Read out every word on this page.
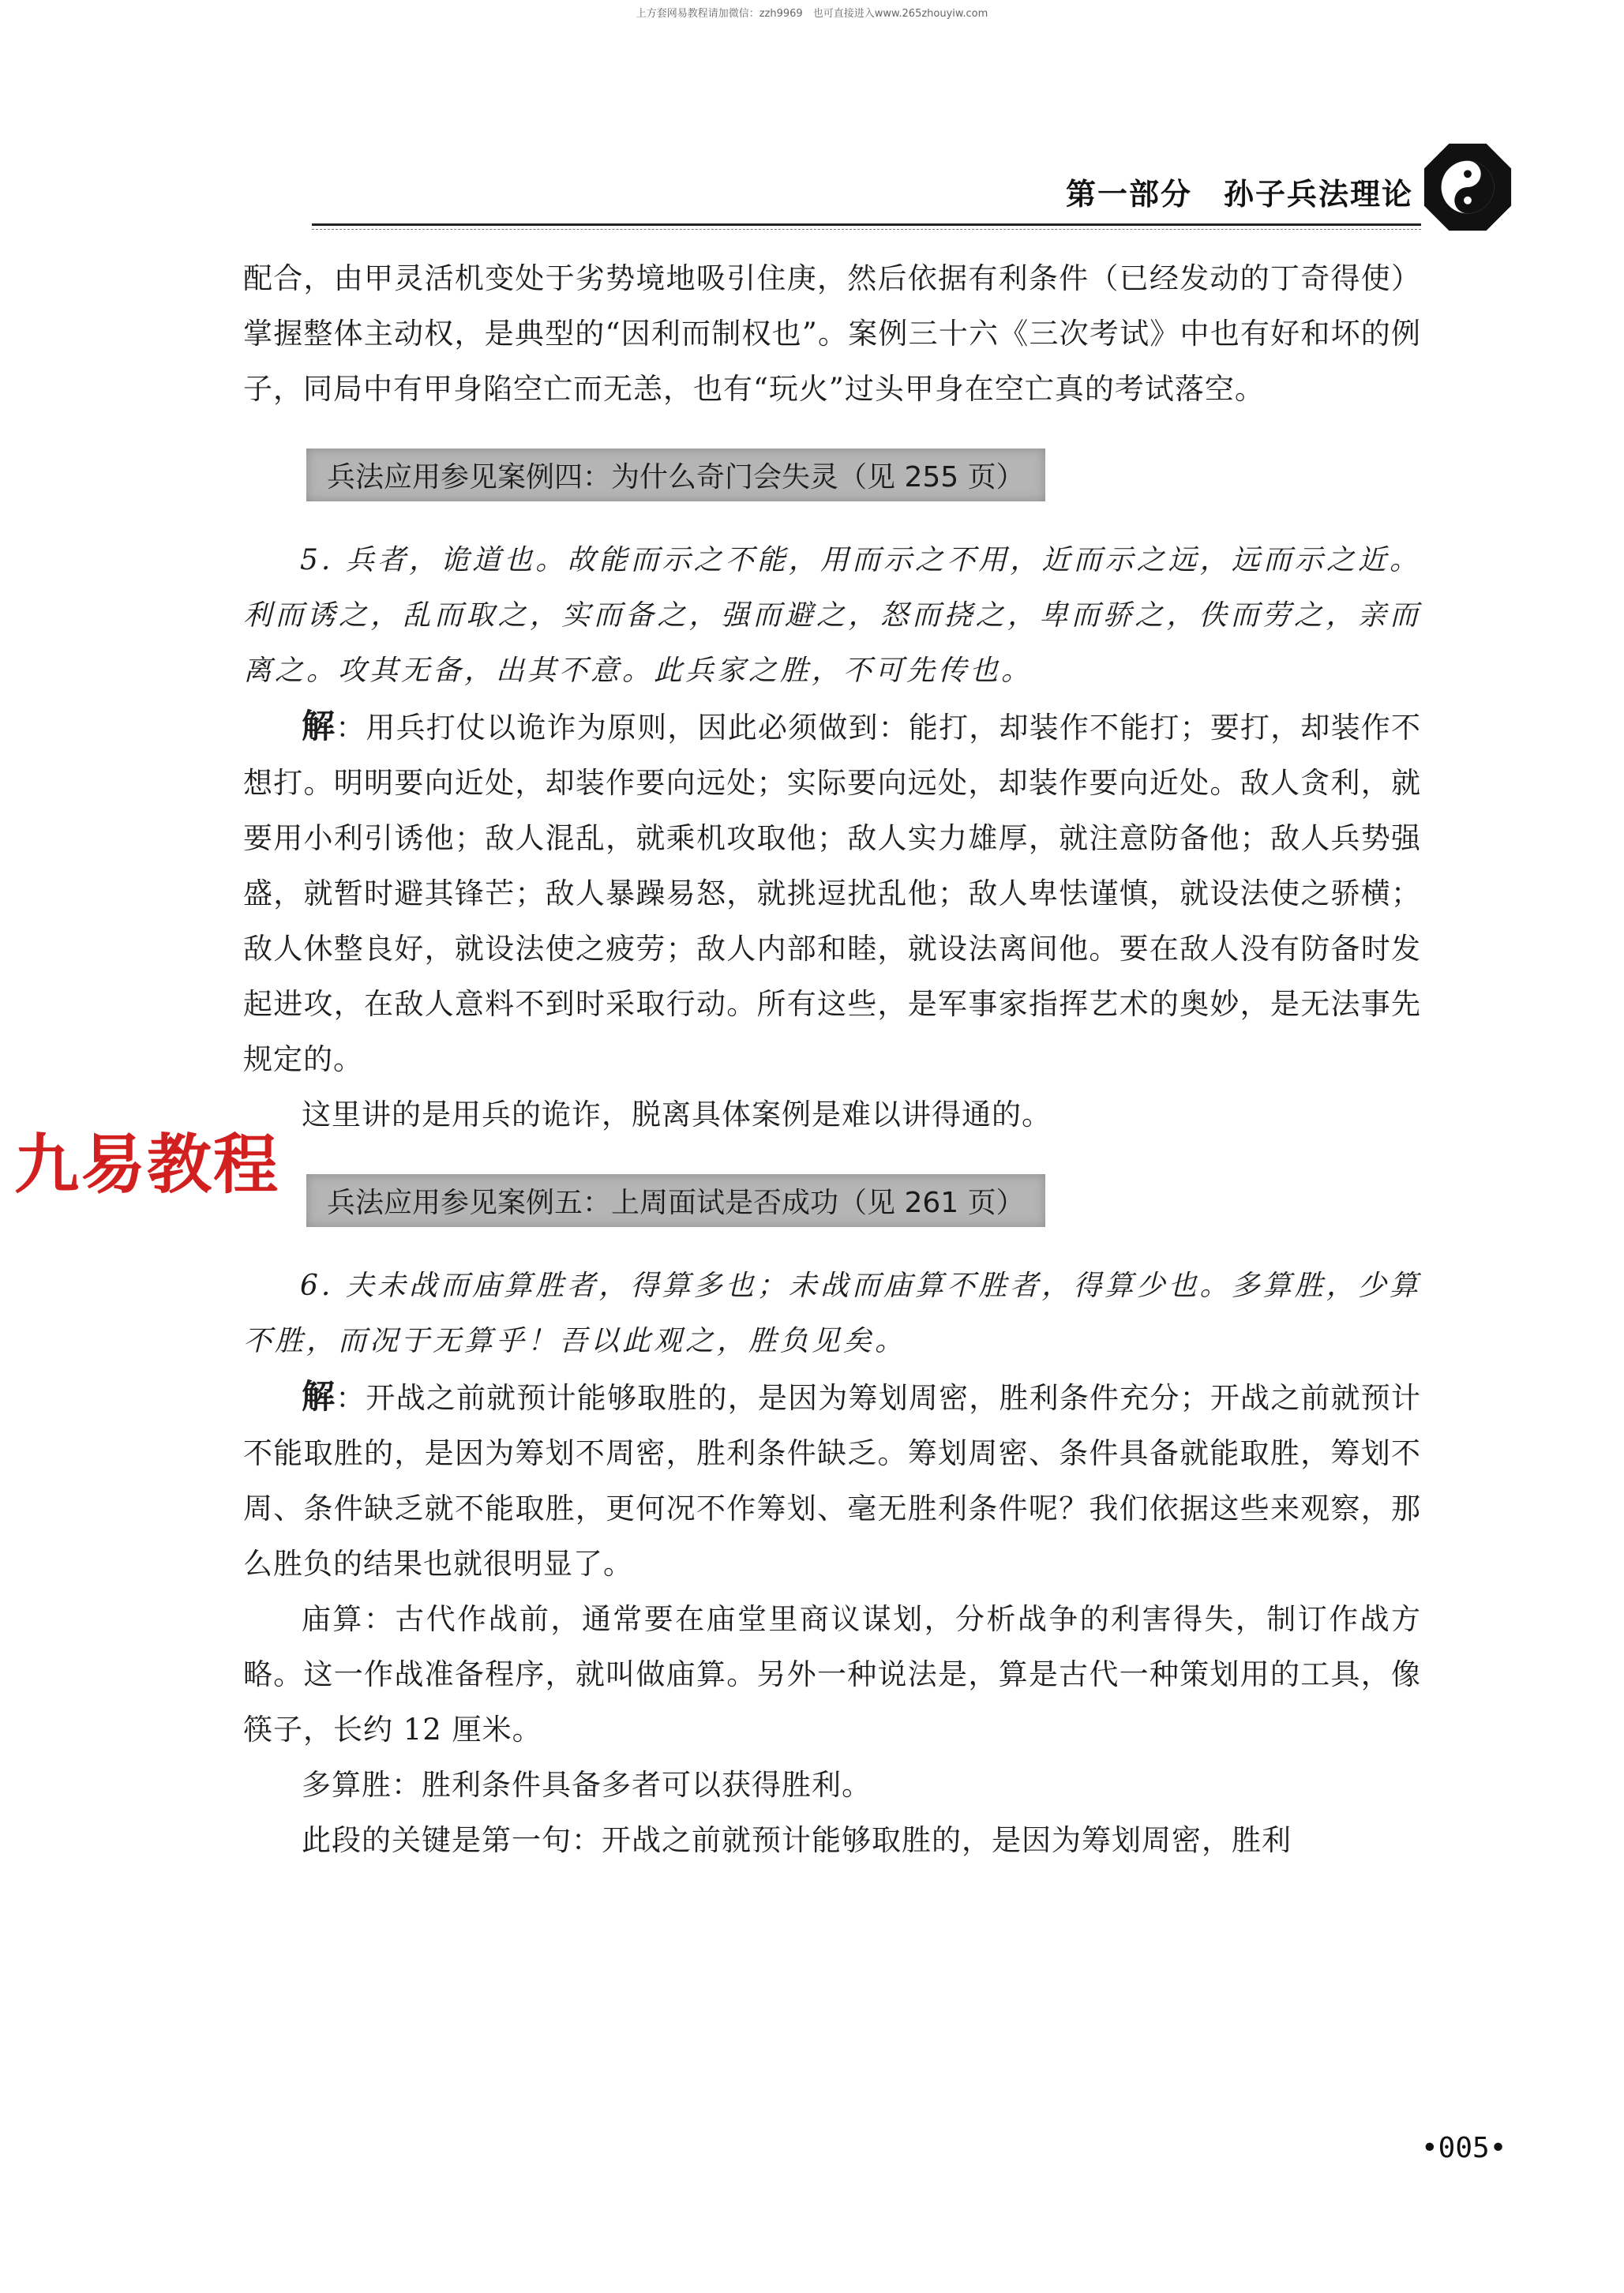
上方套网易教程请加微信：zzh9969　也可直接进入www.265zhouyiw.com
第一部分　 孙子兵法理论

配合，由甲灵活机变处于劣势境地吸引住庚，然后依据有利条件（已经发动的丁奇得使）掌握整体主动权，是典型的“因利而制权也”。案例三十六《三次考试》中也有好和坏的例子，同局中有甲身陷空亡而无恙，也有“玩火”过头甲身在空亡真的考试落空。

兵法应用参见案例四：为什么奇门会失灵（见 255 页）

5. 兵者，诡道也。故能而示之不能，用而示之不用，近而示之远，远而示之近。利而诱之，乱而取之，实而备之，强而避之，怒而挠之，卑而骄之，佚而劳之，亲而离之。攻其无备，出其不意。此兵家之胜，不可先传也。

解：用兵打仗以诡诈为原则，因此必须做到：能打，却装作不能打；要打，却装作不想打。明明要向近处，却装作要向远处；实际要向远处，却装作要向近处。敌人贪利，就要用小利引诱他；敌人混乱，就乘机攻取他；敌人实力雄厚，就注意防备他；敌人兵势强盛，就暂时避其锋芒；敌人暴躁易怒，就挑逗扰乱他；敌人卑怯谨慎，就设法使之骄横；敌人休整良好，就设法使之疲劳；敌人内部和睦，就设法离间他。要在敌人没有防备时发起进攻，在敌人意料不到时采取行动。所有这些，是军事家指挥艺术的奥妙，是无法事先规定的。

这里讲的是用兵的诡诈，脱离具体案例是难以讲得通的。

兵法应用参见案例五：上周面试是否成功（见 261 页）

6. 夫未战而庙算胜者，得算多也；未战而庙算不胜者，得算少也。多算胜，少算不胜，而况于无算乎！吾以此观之，胜负见矣。

解：开战之前就预计能够取胜的，是因为筹划周密，胜利条件充分；开战之前就预计不能取胜的，是因为筹划不周密，胜利条件缺乏。筹划周密、条件具备就能取胜，筹划不周、条件缺乏就不能取胜，更何况不作筹划、毫无胜利条件呢？我们依据这些来观察，那么胜负的结果也就很明显了。

庙算：古代作战前，通常要在庙堂里商议谋划，分析战争的利害得失，制订作战方略。这一作战准备程序，就叫做庙算。另外一种说法是，算是古代一种策划用的工具，像筷子，长约 12 厘米。

多算胜：胜利条件具备多者可以获得胜利。

此段的关键是第一句：开战之前就预计能够取胜的，是因为筹划周密，胜利

九易教程
•005•
